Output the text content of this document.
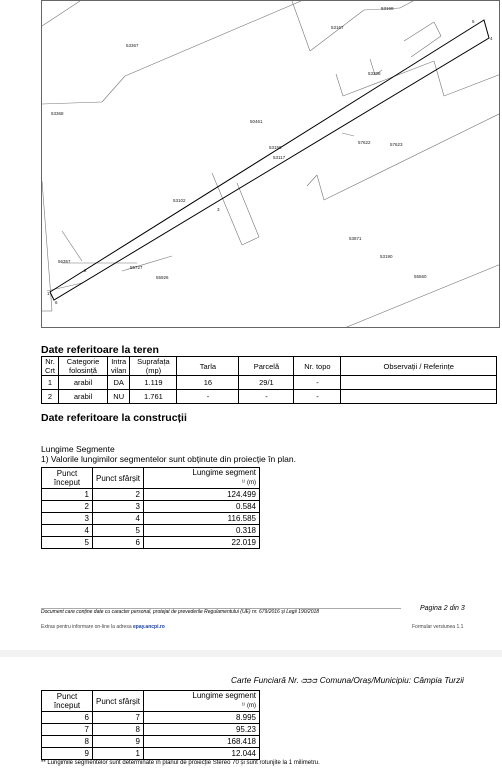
53367
53168
53167
53368
50461
53208
53158
57622	57623
53117
53102
53871
53190
56357
55727
55926	55560
1
2
3
4
5
6
Date referitoare la teren
Nr. Crt	Categorie folosință	Intra vilan	Suprafața (mp)	Tarla	Parcelă	Nr. topo	Observații / Referințe
1	arabil	DA	1.119	16	29/1	-	
2	arabil	NU	1.761	-	-	-	
Date referitoare la construcții
Lungime Segmente
1) Valorile lungimilor segmentelor sunt obținute din proiecție în plan.
Punct început	Punct sfârșit	Lungime segment
¹⁾ (m)
1	2	124.499
2	3	0.584
3	4	116.585
4	5	0.318
5	6	22.019
Document care conține date cu caracter personal, protejat de prevederile Regulamentului (UE) nr. 679/2016 și Legii 190/2018	Pagina 2 din 3
Extras pentru informare on-line la adresa epay.ancpi.ro	Formular versiunea 1.1
Carte Funciară Nr. ᴞᴝᴞ Comuna/Oraș/Municipiu: Câmpia Turzii
Punct început	Punct sfârșit	Lungime segment
¹⁾ (m)
6	7	8.995
7	8	95.23
8	9	168.418
9	1	12.044
** Lungimile segmentelor sunt determinate în planul de proiecție Stereo 70 și sunt rotunjite la 1 milimetru.
